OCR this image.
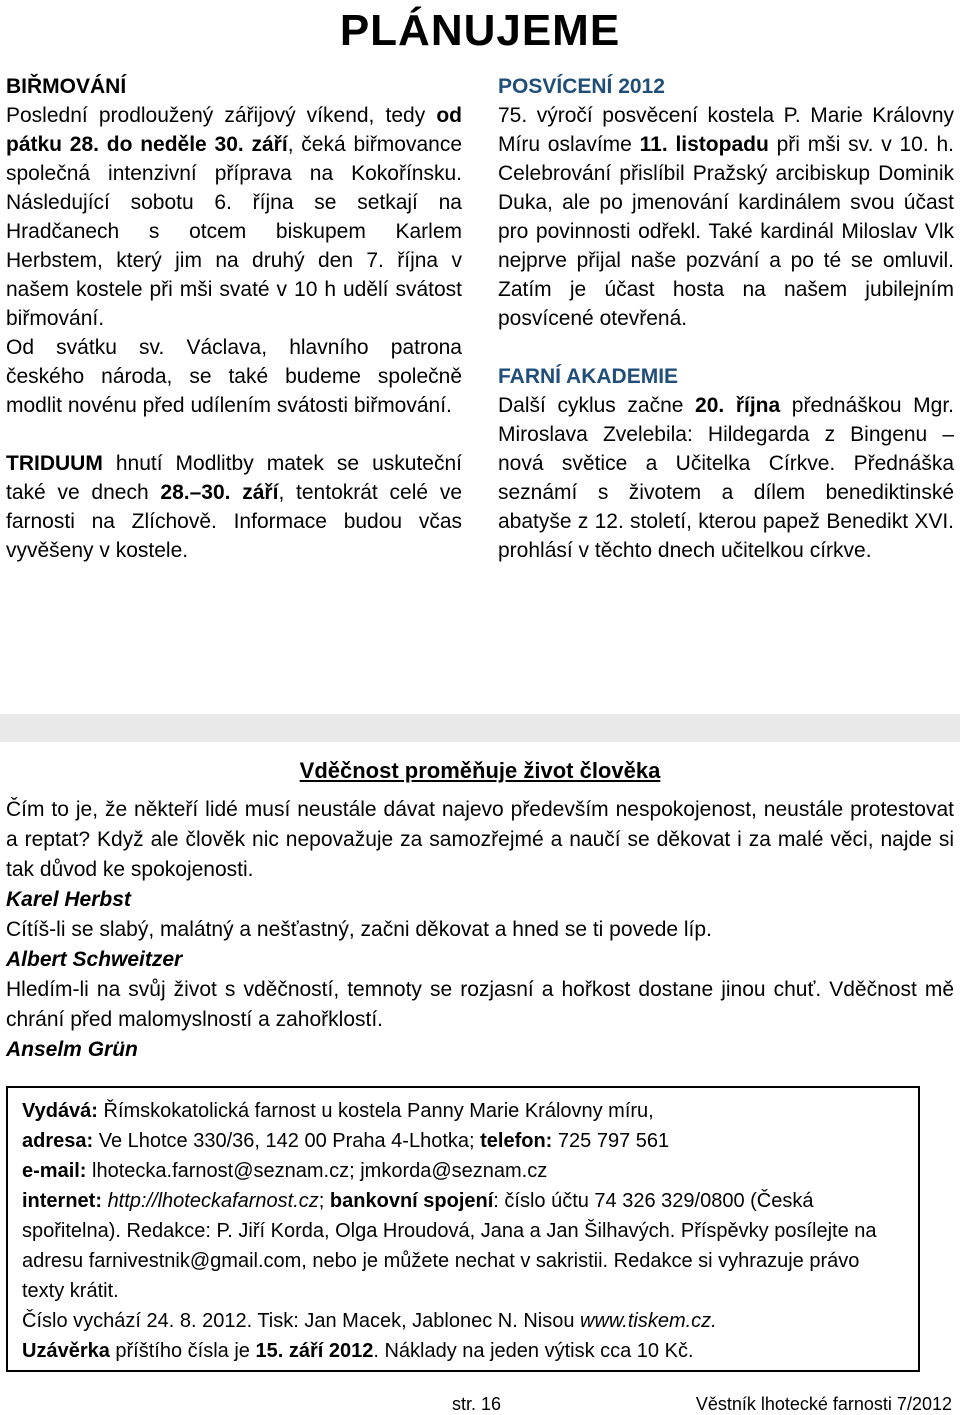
PLÁNUJEME

BIŘMOVÁNÍ

Poslední prodloužený zářijový víkend, tedy od pátku 28. do neděle 30. září, čeká biřmovance společná intenzivní příprava na Kokořínsku. Následující sobotu 6. října se setkají na Hradčanech s otcem biskupem Karlem Herbstem, který jim na druhý den 7. října v našem kostele při mši svaté v 10 h udělí svátost biřmování.

Od svátku sv. Václava, hlavního patrona českého národa, se také budeme společně modlit novénu před udílením svátosti biřmování.

TRIDUUM hnutí Modlitby matek se uskuteční také ve dnech 28.–30. září, tentokrát celé ve farnosti na Zlíchově. Informace budou včas vyvěšeny v kostele.

POSVÍCENÍ 2012

75. výročí posvěcení kostela P. Marie Královny Míru oslavíme 11. listopadu při mši sv. v 10. h. Celebrování přislíbil Pražský arcibiskup Dominik Duka, ale po jmenování kardinálem svou účast pro povinnosti odřekl. Také kardinál Miloslav Vlk nejprve přijal naše pozvání a po té se omluvil. Zatím je účast hosta na našem jubilejním posvícené otevřená.

FARNÍ AKADEMIE

Další cyklus začne 20. října přednáškou Mgr. Miroslava Zvelebila: Hildegarda z Bingenu – nová světice a Učitelka Církve. Přednáška seznámí s životem a dílem benediktinské abatyše z 12. století, kterou papež Benedikt XVI. prohlásí v těchto dnech učitelkou církve.

Vděčnost proměňuje život člověka

Čím to je, že někteří lidé musí neustále dávat najevo především nespokojenost, neustále protestovat a reptat? Když ale člověk nic nepovažuje za samozřejmé a naučí se děkovat i za malé věci, najde si tak důvod ke spokojenosti.

Karel Herbst

Cítíš-li se slabý, malátný a nešťastný, začni děkovat a hned se ti povede líp.

Albert Schweitzer

Hledím-li na svůj život s vděčností, temnoty se rozjasní a hořkost dostane jinou chuť. Vděčnost mě chrání před malomyslností a zahořklostí.

Anselm Grün

Vydává: Římskokatolická farnost u kostela Panny Marie Královny míru,

adresa: Ve Lhotce 330/36, 142 00 Praha 4-Lhotka; telefon: 725 797 561

e-mail: lhotecka.farnost@seznam.cz; jmkorda@seznam.cz

internet: http://lhoteckafarnost.cz; bankovní spojení: číslo účtu 74 326 329/0800 (Česká spořitelna). Redakce: P. Jiří Korda, Olga Hroudová, Jana a Jan Šilhavých. Příspěvky posílejte na adresu farnivestnik@gmail.com, nebo je můžete nechat v sakristii. Redakce si vyhrazuje právo texty krátit.

Číslo vychází 24. 8. 2012. Tisk: Jan Macek, Jablonec N. Nisou www.tiskem.cz.

Uzávěrka příštího čísla je 15. září 2012. Náklady na jeden výtisk cca 10 Kč.

str. 16	Věstník lhotecké farnosti 7/2012
